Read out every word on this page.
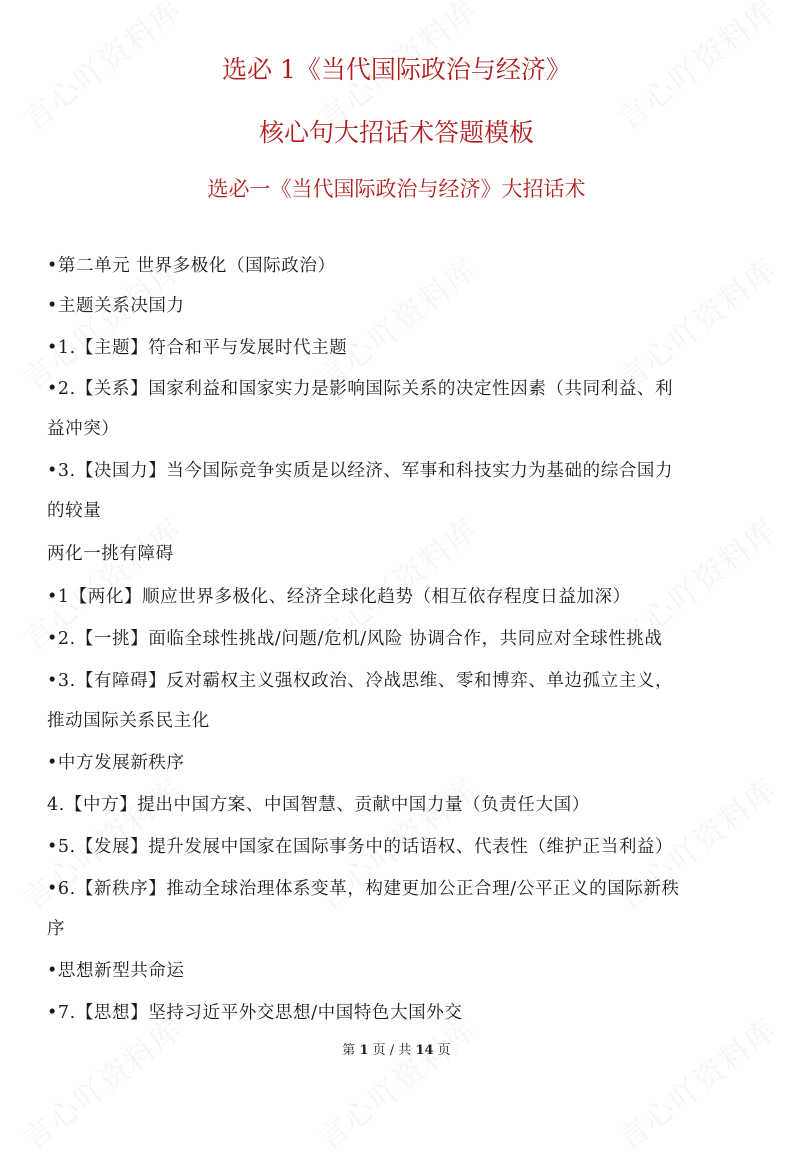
选必 1《当代国际政治与经济》
核心句大招话术答题模板
选必一《当代国际政治与经济》大招话术
•第二单元 世界多极化（国际政治）
•主题关系决国力
•1.【主题】符合和平与发展时代主题
•2.【关系】国家利益和国家实力是影响国际关系的决定性因素（共同利益、利
益冲突）
•3.【决国力】当今国际竞争实质是以经济、军事和科技实力为基础的综合国力
的较量
两化一挑有障碍
•1【两化】顺应世界多极化、经济全球化趋势（相互依存程度日益加深）
•2.【一挑】面临全球性挑战/问题/危机/风险 协调合作，共同应对全球性挑战
•3.【有障碍】反对霸权主义强权政治、冷战思维、零和博弈、单边孤立主义，
推动国际关系民主化
•中方发展新秩序
4.【中方】提出中国方案、中国智慧、贡献中国力量（负责任大国）
•5.【发展】提升发展中国家在国际事务中的话语权、代表性（维护正当利益）
•6.【新秩序】推动全球治理体系变革，构建更加公正合理/公平正义的国际新秩
序
•思想新型共命运
•7.【思想】坚持习近平外交思想/中国特色大国外交
第 1 页 / 共 14 页
